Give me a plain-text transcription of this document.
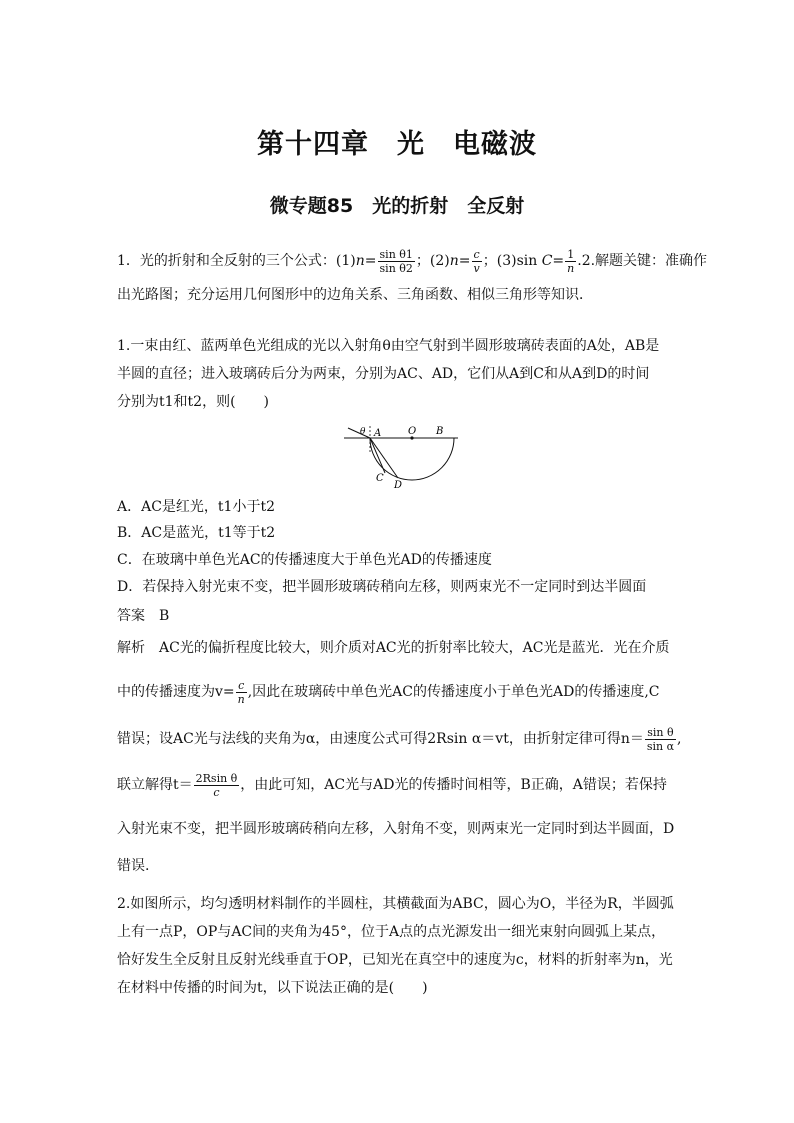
第十四章　光　电磁波
微专题85　光的折射　全反射
1．光的折射和全反射的三个公式：$(1)n= \frac{\text{sin θ1}}{\text{sin θ2}}$ ；$(2)n= \frac{c}{v}$ ；(3)sin $C= \frac{1}{n} .2$.解题关键：准确作
出光路图；充分运用几何图形中的边角关系、三角函数、相似三角形等知识．
1.一束由红、蓝两单色光组成的光以入射角θ由空气射到半圆形玻璃砖表面的A处，AB是
半圆的直径；进入玻璃砖后分为两束，分别为AC、AD，它们从A到C和从A到D的时间
分别为t1和t2，则(　　)
θ A	O B
C
D
A．AC是红光，t1小于t2
B．AC是蓝光，t1等于t2
C．在玻璃中单色光AC的传播速度大于单色光AD的传播速度
D．若保持入射光束不变，把半圆形玻璃砖稍向左移，则两束光不一定同时到达半圆面
答案　B
解析　AC光的偏折程度比较大，则介质对AC光的折射率比较大，AC光是蓝光．光在介质
中的传播速度为$v= \frac{c}{n}$ ,因此在玻璃砖中单色光AC的传播速度小于单色光AD的传播速度,C
错误；设AC光与法线的夹角为α，由速度公式可得2Rsin α＝vt，由折射定律可得$n= \frac{\text{sin θ}}{\text{sin α}}$ ,
联立解得$t= \frac{\text{2Rsin θ}}{c}$ ，由此可知，AC光与AD光的传播时间相等，B正确，A错误；若保持
入射光束不变，把半圆形玻璃砖稍向左移，入射角不变，则两束光一定同时到达半圆面，D
错误.
2.如图所示，均匀透明材料制作的半圆柱，其横截面为ABC，圆心为O，半径为R，半圆弧
上有一点P，OP与AC间的夹角为45°，位于A点的点光源发出一细光束射向圆弧上某点，
恰好发生全反射且反射光线垂直于OP，已知光在真空中的速度为c，材料的折射率为n，光
在材料中传播的时间为t，以下说法正确的是(　　)
